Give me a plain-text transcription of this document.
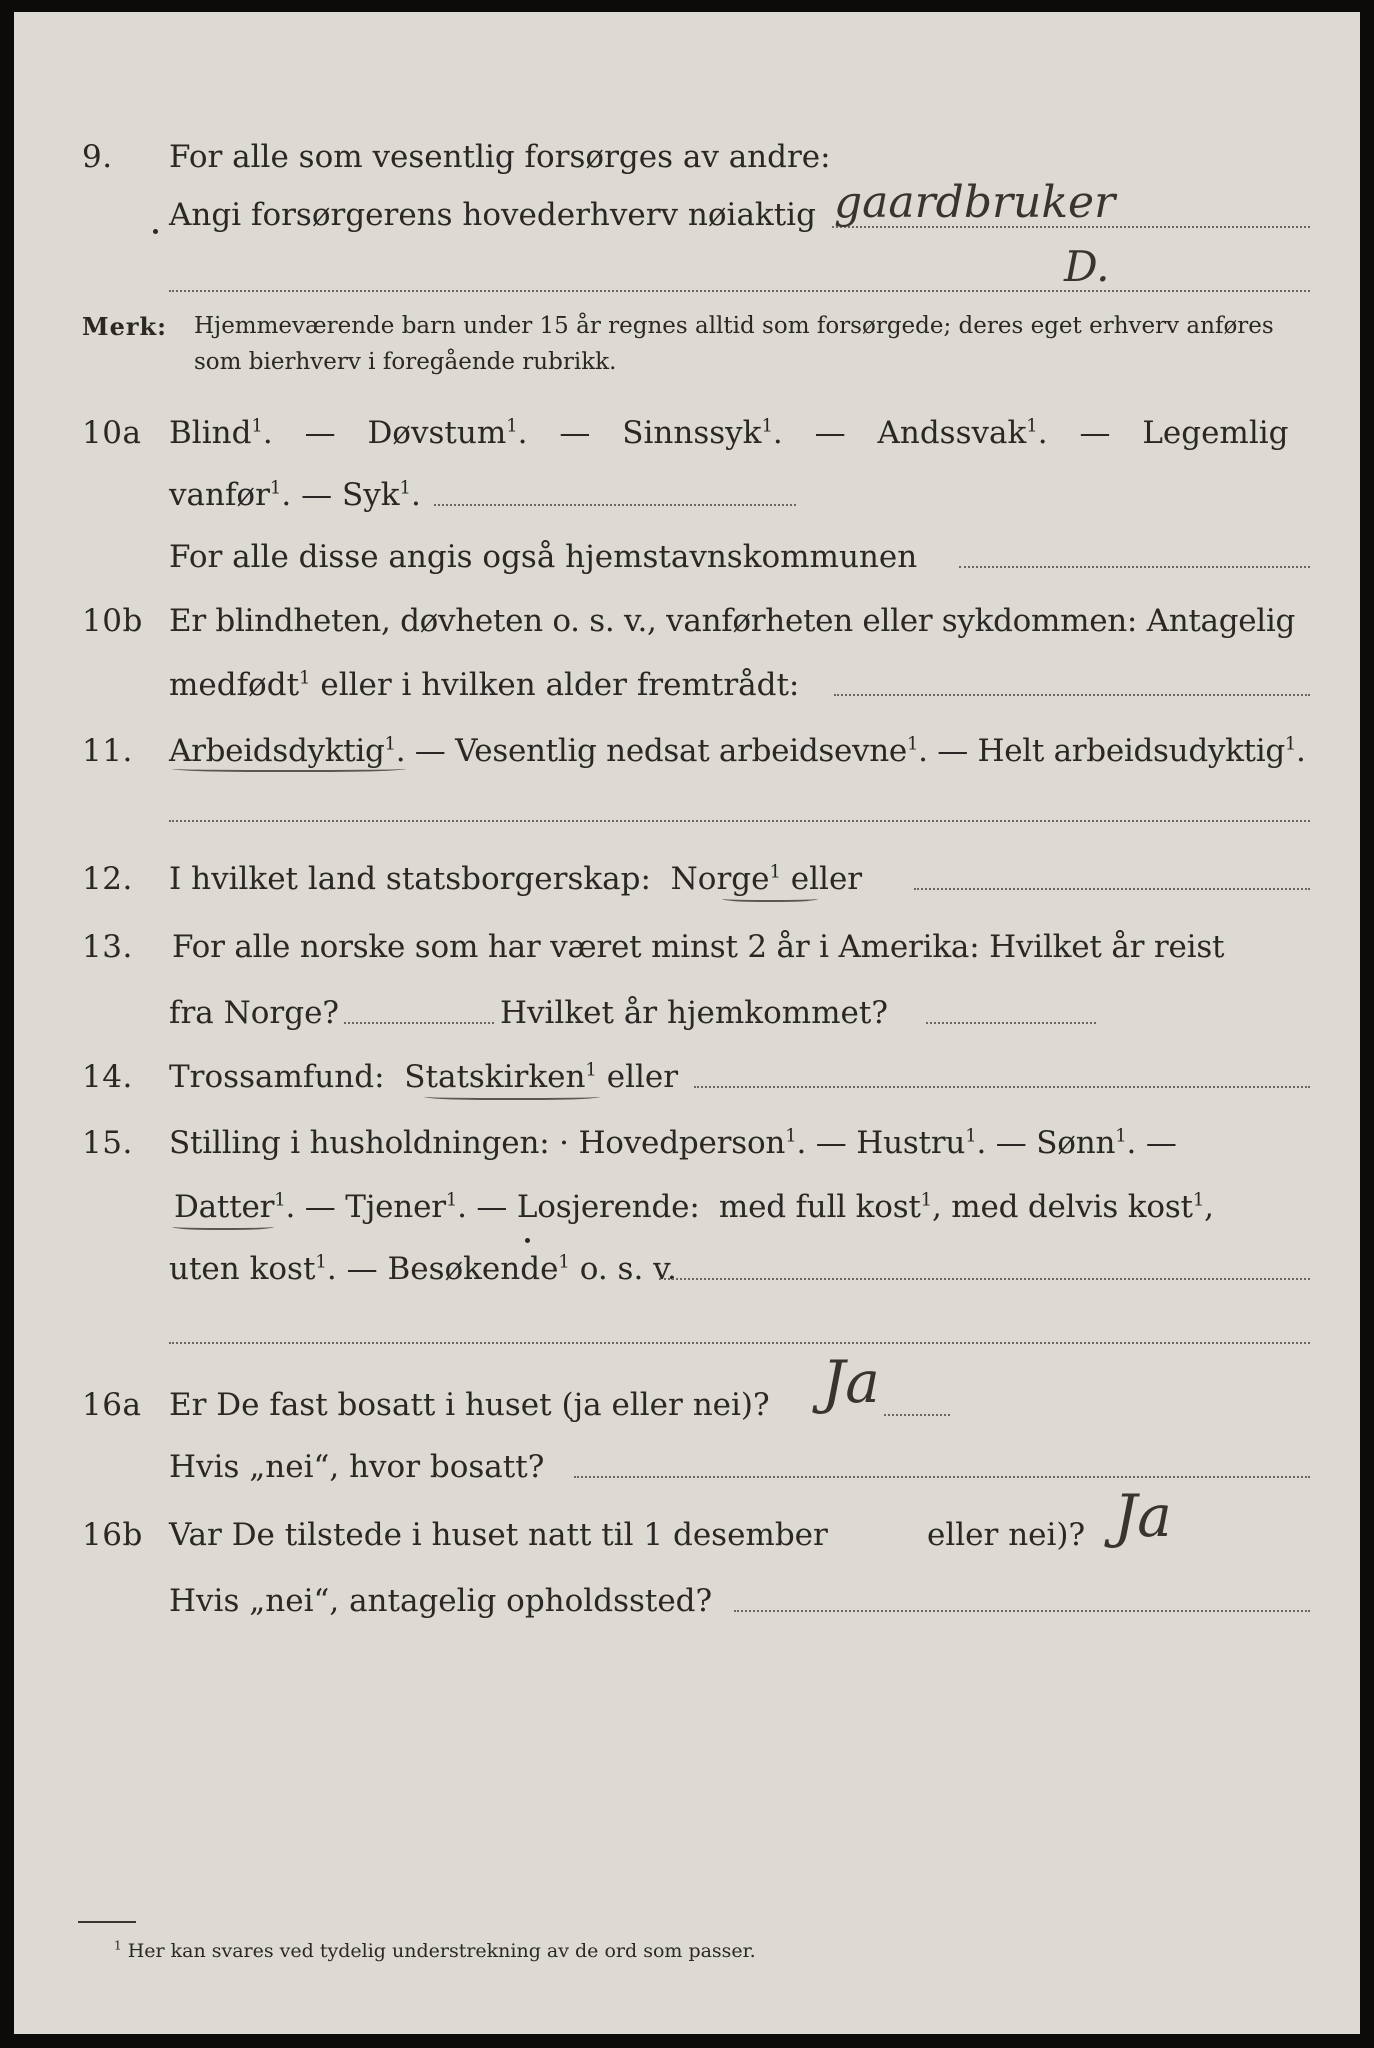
9. For alle som vesentlig forsørges av andre:
Angi forsørgerens hovederhverv nøiaktig gaardbruker
D.
Merk: Hjemmeværende barn under 15 år regnes alltid som forsørgede; deres eget erhverv anføres som bierhverv i foregående rubrikk.
10a Blind$^1$. — Døvstum$^1$. — Sinnssyk$^1$. — Andssvak$^1$. — Legemlig
vanfør$^1$. — Syk$^1$.
For alle disse angis også hjemstavnskommunen
10b Er blindheten, døvheten o. s. v., vanførheten eller sykdommen: Antagelig
medfødt$^1$ eller i hvilken alder fremtrådt:
11. Arbeidsdyktig$^1$. — Vesentlig nedsat arbeidsevne$^1$. — Helt arbeidsudyktig$^1$.
12. I hvilket land statsborgerskap: Norge$^1$ eller
13. For alle norske som har været minst 2 år i Amerika: Hvilket år reist
fra Norge?	Hvilket år hjemkommet?
14. Trossamfund: Statskirken$^1$ eller
15. Stilling i husholdningen: · Hovedperson$^1$. — Hustru$^1$. — Sønn$^1$. —
Datter$^1$. — Tjener$^1$. — Losjerende: med full kost$^1$, med delvis kost$^1$,
uten kost$^1$. — Besøkende$^1$ o. s. v.
16a Er De fast bosatt i huset (ja eller nei)? Ja
Hvis „nei“, hvor bosatt?
16b Var De tilstede i huset natt til 1 desember	eller nei)? Ja
Hvis „nei“, antagelig opholdssted?
$^1$ Her kan svares ved tydelig understrekning av de ord som passer.
